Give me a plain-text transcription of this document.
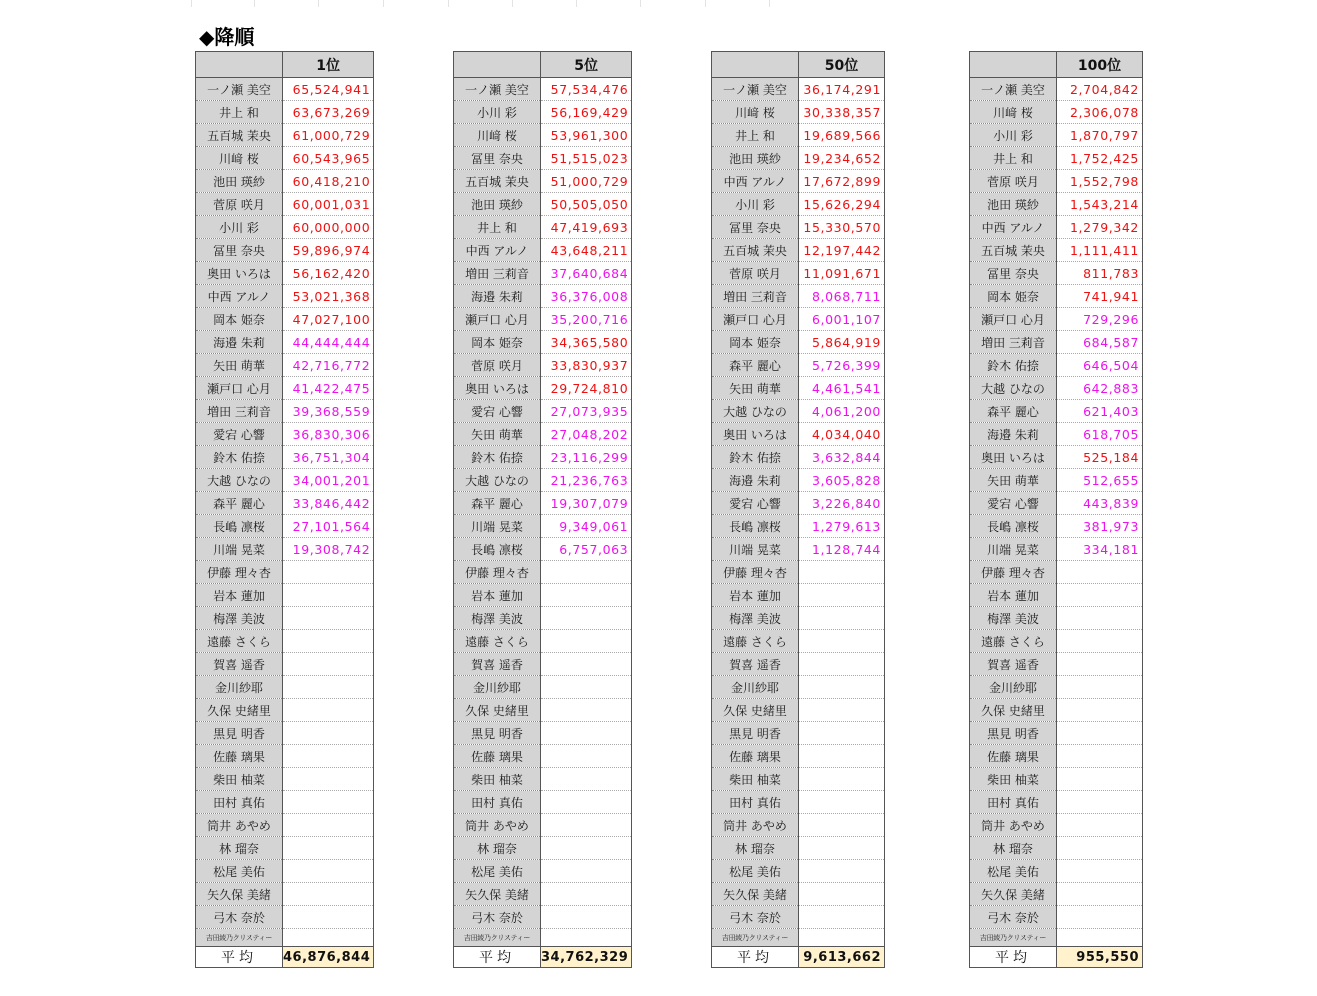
◆降順
	1位
一ノ瀬 美空	65,524,941
井上 和	63,673,269
五百城 茉央	61,000,729
川﨑 桜	60,543,965
池田 瑛紗	60,418,210
菅原 咲月	60,001,031
小川 彩	60,000,000
冨里 奈央	59,896,974
奥田 いろは	56,162,420
中西 アルノ	53,021,368
岡本 姫奈	47,027,100
海邉 朱莉	44,444,444
矢田 萌華	42,716,772
瀬戸口 心月	41,422,475
増田 三莉音	39,368,559
愛宕 心響	36,830,306
鈴木 佑捺	36,751,304
大越 ひなの	34,001,201
森平 麗心	33,846,442
長嶋 凛桜	27,101,564
川端 晃菜	19,308,742
伊藤 理々杏	
岩本 蓮加	
梅澤 美波	
遠藤 さくら	
賀喜 遥香	
金川紗耶	
久保 史緒里	
黒見 明香	
佐藤 璃果	
柴田 柚菜	
田村 真佑	
筒井 あやめ	
林 瑠奈	
松尾 美佑	
矢久保 美緒	
弓木 奈於	
吉田綾乃クリスティー	
平均	46,876,844
	5位
一ノ瀬 美空	57,534,476
小川 彩	56,169,429
川﨑 桜	53,961,300
冨里 奈央	51,515,023
五百城 茉央	51,000,729
池田 瑛紗	50,505,050
井上 和	47,419,693
中西 アルノ	43,648,211
増田 三莉音	37,640,684
海邉 朱莉	36,376,008
瀬戸口 心月	35,200,716
岡本 姫奈	34,365,580
菅原 咲月	33,830,937
奥田 いろは	29,724,810
愛宕 心響	27,073,935
矢田 萌華	27,048,202
鈴木 佑捺	23,116,299
大越 ひなの	21,236,763
森平 麗心	19,307,079
川端 晃菜	9,349,061
長嶋 凛桜	6,757,063
伊藤 理々杏	
岩本 蓮加	
梅澤 美波	
遠藤 さくら	
賀喜 遥香	
金川紗耶	
久保 史緒里	
黒見 明香	
佐藤 璃果	
柴田 柚菜	
田村 真佑	
筒井 あやめ	
林 瑠奈	
松尾 美佑	
矢久保 美緒	
弓木 奈於	
吉田綾乃クリスティー	
平均	34,762,329
	50位
一ノ瀬 美空	36,174,291
川﨑 桜	30,338,357
井上 和	19,689,566
池田 瑛紗	19,234,652
中西 アルノ	17,672,899
小川 彩	15,626,294
冨里 奈央	15,330,570
五百城 茉央	12,197,442
菅原 咲月	11,091,671
増田 三莉音	8,068,711
瀬戸口 心月	6,001,107
岡本 姫奈	5,864,919
森平 麗心	5,726,399
矢田 萌華	4,461,541
大越 ひなの	4,061,200
奥田 いろは	4,034,040
鈴木 佑捺	3,632,844
海邉 朱莉	3,605,828
愛宕 心響	3,226,840
長嶋 凛桜	1,279,613
川端 晃菜	1,128,744
伊藤 理々杏	
岩本 蓮加	
梅澤 美波	
遠藤 さくら	
賀喜 遥香	
金川紗耶	
久保 史緒里	
黒見 明香	
佐藤 璃果	
柴田 柚菜	
田村 真佑	
筒井 あやめ	
林 瑠奈	
松尾 美佑	
矢久保 美緒	
弓木 奈於	
吉田綾乃クリスティー	
平均	9,613,662
	100位
一ノ瀬 美空	2,704,842
川﨑 桜	2,306,078
小川 彩	1,870,797
井上 和	1,752,425
菅原 咲月	1,552,798
池田 瑛紗	1,543,214
中西 アルノ	1,279,342
五百城 茉央	1,111,411
冨里 奈央	811,783
岡本 姫奈	741,941
瀬戸口 心月	729,296
増田 三莉音	684,587
鈴木 佑捺	646,504
大越 ひなの	642,883
森平 麗心	621,403
海邉 朱莉	618,705
奥田 いろは	525,184
矢田 萌華	512,655
愛宕 心響	443,839
長嶋 凛桜	381,973
川端 晃菜	334,181
伊藤 理々杏	
岩本 蓮加	
梅澤 美波	
遠藤 さくら	
賀喜 遥香	
金川紗耶	
久保 史緒里	
黒見 明香	
佐藤 璃果	
柴田 柚菜	
田村 真佑	
筒井 あやめ	
林 瑠奈	
松尾 美佑	
矢久保 美緒	
弓木 奈於	
吉田綾乃クリスティー	
平均	955,550
